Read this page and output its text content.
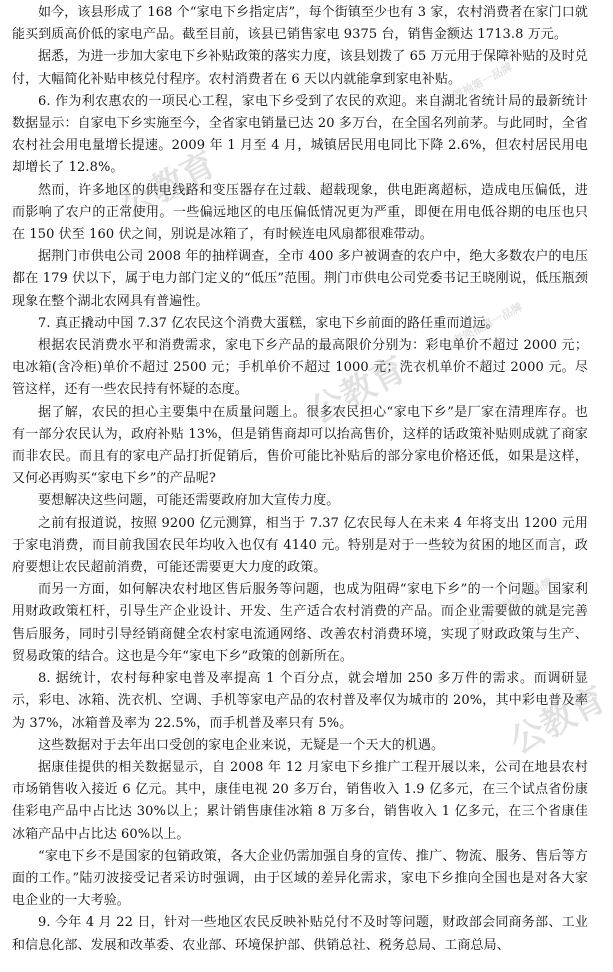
如今，该县形成了 168 个“家电下乡指定店”，每个街镇至少也有 3 家，农村消费者在家门口就能买到质高价低的家电产品。截至目前，该县已销售家电 9375 台，销售金额达 1713.8 万元。

据悉，为进一步加大家电下乡补贴政策的落实力度，该县划拨了 65 万元用于保障补贴的及时兑付，大幅简化补贴申核兑付程序。农村消费者在 6 天以内就能拿到家电补贴。

6. 作为利农惠农的一项民心工程，家电下乡受到了农民的欢迎。来自湖北省统计局的最新统计数据显示：自家电下乡实施至今，全省家电销量已达 20 多万台，在全国名列前茅。与此同时，全省农村社会用电量增长提速。2009 年 1 月至 4 月，城镇居民用电同比下降 2.6%，但农村居民用电却增长了 12.8%。

然而，许多地区的供电线路和变压器存在过载、超载现象，供电距离超标，造成电压偏低，进而影响了农户的正常使用。一些偏远地区的电压偏低情况更为严重，即便在用电低谷期的电压也只在 150 伏至 160 伏之间，别说是冰箱了，有时候连电风扇都很难带动。

据荆门市供电公司 2008 年的抽样调查，全市 400 多户被调查的农户中，绝大多数农户的电压都在 179 伏以下，属于电力部门定义的“低压”范围。荆门市供电公司党委书记王晓刚说，低压瓶颈现象在整个湖北农网具有普遍性。

7. 真正撬动中国 7.37 亿农民这个消费大蛋糕，家电下乡前面的路任重而道远。

根据农民消费水平和消费需求，家电下乡产品的最高限价分别为：彩电单价不超过 2000 元；电冰箱(含冷柜)单价不超过 2500 元；手机单价不超过 1000 元；洗衣机单价不超过 2000 元。尽管这样，还有一些农民持有怀疑的态度。

据了解，农民的担心主要集中在质量问题上。很多农民担心“家电下乡”是厂家在清理库存。也有一部分农民认为，政府补贴 13%，但是销售商却可以抬高售价，这样的话政策补贴则成就了商家而非农民。而且有的家电产品打折促销后，售价可能比补贴后的部分家电价格还低，如果是这样，又何必再购买“家电下乡”的产品呢?

要想解决这些问题，可能还需要政府加大宣传力度。

之前有报道说，按照 9200 亿元测算，相当于 7.37 亿农民每人在未来 4 年将支出 1200 元用于家电消费，而目前我国农民年均收入也仅有 4140 元。特别是对于一些较为贫困的地区而言，政府要想让农民超前消费，可能还需要更大力度的政策。

而另一方面，如何解决农村地区售后服务等问题，也成为阻碍“家电下乡”的一个问题。国家利用财政政策杠杆，引导生产企业设计、开发、生产适合农村消费的产品。而企业需要做的就是完善售后服务，同时引导经销商健全农村家电流通网络、改善农村消费环境，实现了财政政策与生产、贸易政策的结合。这也是今年“家电下乡”政策的创新所在。

8. 据统计，农村每种家电普及率提高 1 个百分点，就会增加 250 多万件的需求。而调研显示，彩电、冰箱、洗衣机、空调、手机等家电产品的农村普及率仅为城市的 20%，其中彩电普及率为 37%，冰箱普及率为 22.5%，而手机普及率只有 5%。

这些数据对于去年出口受创的家电企业来说，无疑是一个天大的机遇。

据康佳提供的相关数据显示，自 2008 年 12 月家电下乡推广工程开展以来，公司在地县农村市场销售收入接近 6 亿元。其中，康佳电视 20 多万台，销售收入 1.9 亿多元，在三个试点省份康佳彩电产品中占比达 30%以上；累计销售康佳冰箱 8 万多台，销售收入 1 亿多元，在三个省康佳冰箱产品中占比达 60%以上。

“家电下乡不是国家的包销政策，各大企业仍需加强自身的宣传、推广、物流、服务、售后等方面的工作。”陆刃波接受记者采访时强调，由于区域的差异化需求，家电下乡推向全国也是对各大家电企业的一大考验。

9. 今年 4 月 22 日，针对一些地区农民反映补贴兑付不及时等问题，财政部会同商务部、工业和信息化部、发展和改革委、农业部、环境保护部、供销总社、税务总局、工商总局、

公教育
公教育
公教育
公考领袖第一品牌
公考领袖第一品牌
公考领袖第一品牌
